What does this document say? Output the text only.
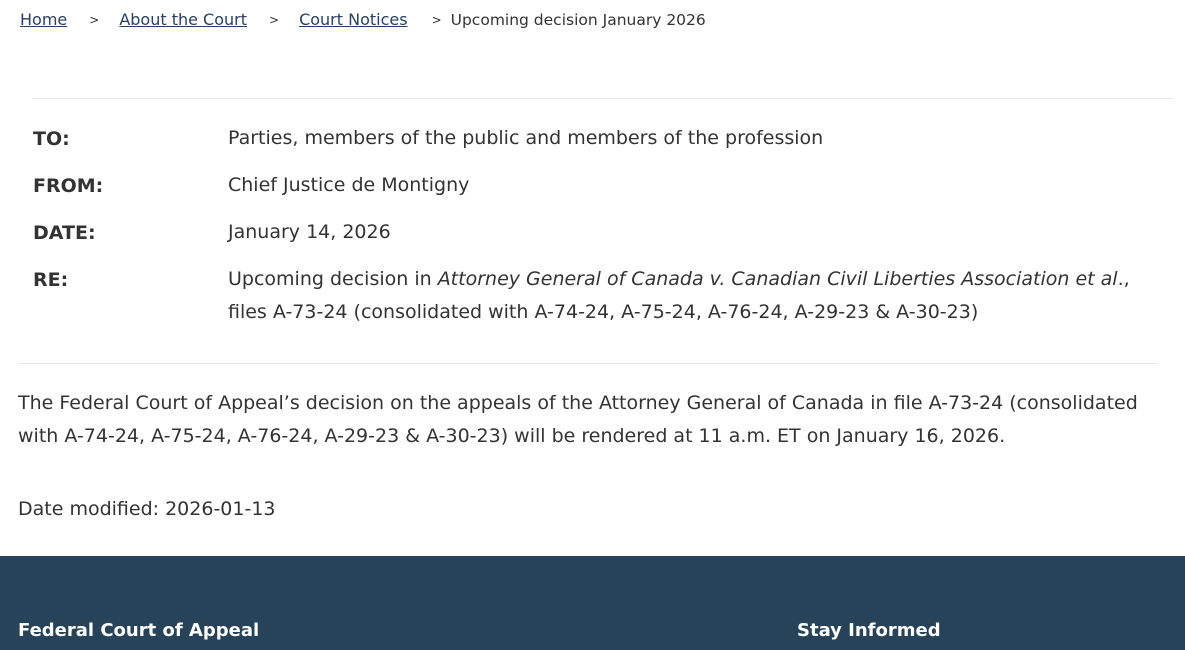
Home > About the Court > Court Notices > Upcoming decision January 2026
TO:	Parties, members of the public and members of the profession
FROM:	Chief Justice de Montigny
DATE:	January 14, 2026
RE:	Upcoming decision in Attorney General of Canada v. Canadian Civil Liberties Association et al., files A-73-24 (consolidated with A-74-24, A-75-24, A-76-24, A-29-23 & A-30-23)

The Federal Court of Appeal’s decision on the appeals of the Attorney General of Canada in file A-73-24 (consolidated with A-74-24, A-75-24, A-76-24, A-29-23 & A-30-23) will be rendered at 11 a.m. ET on January 16, 2026.

Date modified: 2026-01-13
Federal Court of Appeal	Stay Informed
